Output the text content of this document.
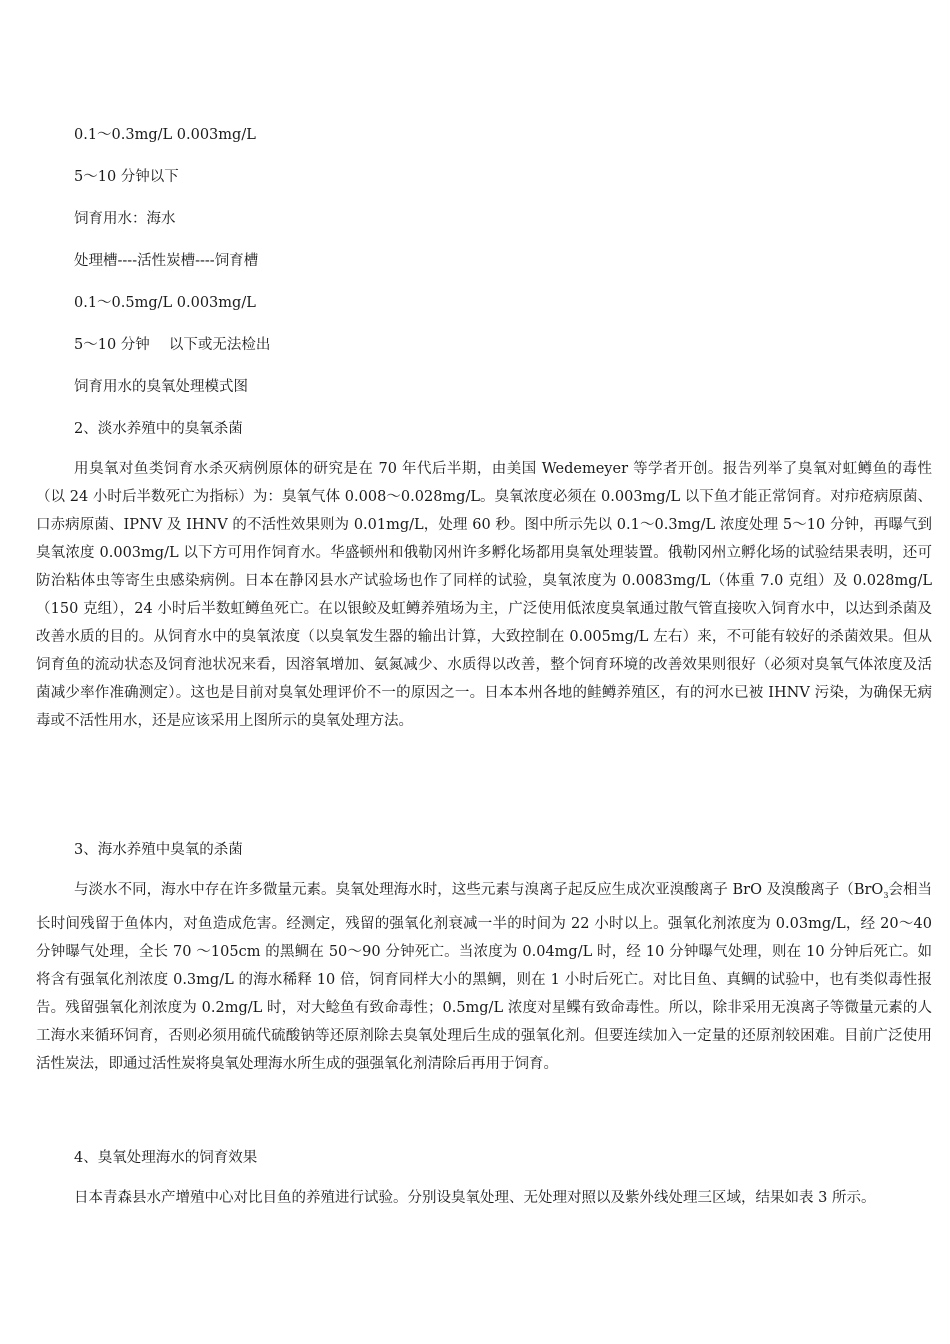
0.1～0.3mg/L 0.003mg/L
5～10 分钟以下
饲育用水：海水
处理槽----活性炭槽----饲育槽
0.1～0.5mg/L 0.003mg/L
5～10 分钟　 以下或无法检出
饲育用水的臭氧处理模式图
2、淡水养殖中的臭氧杀菌

用臭氧对鱼类饲育水杀灭病例原体的研究是在 70 年代后半期，由美国 Wedemeyer 等学者开创。报告列举了臭氧对虹鳟鱼的毒性（以 24 小时后半数死亡为指标）为：臭氧气体 0.008～0.028mg/L。臭氧浓度必须在 0.003mg/L 以下鱼才能正常饲育。对疖疮病原菌、口赤病原菌、IPNV 及 IHNV 的不活性效果则为 0.01mg/L，处理 60 秒。图中所示先以 0.1～0.3mg/L 浓度处理 5～10 分钟，再曝气到臭氧浓度 0.003mg/L 以下方可用作饲育水。华盛顿州和俄勒冈州许多孵化场都用臭氧处理装置。俄勒冈州立孵化场的试验结果表明，还可防治粘体虫等寄生虫感染病例。日本在静冈县水产试验场也作了同样的试验，臭氧浓度为 0.0083mg/L（体重 7.0 克组）及 0.028mg/L（150 克组），24 小时后半数虹鳟鱼死亡。在以银鲛及虹鳟养殖场为主，广泛使用低浓度臭氧通过散气管直接吹入饲育水中，以达到杀菌及改善水质的目的。从饲育水中的臭氧浓度（以臭氧发生器的输出计算，大致控制在 0.005mg/L 左右）来，不可能有较好的杀菌效果。但从饲育鱼的流动状态及饲育池状况来看，因溶氧增加、氨氮减少、水质得以改善，整个饲育环境的改善效果则很好（必须对臭氧气体浓度及活菌减少率作准确测定）。这也是目前对臭氧处理评价不一的原因之一。日本本州各地的鲑鳟养殖区，有的河水已被 IHNV 污染，为确保无病毒或不活性用水，还是应该采用上图所示的臭氧处理方法。

3、海水养殖中臭氧的杀菌

与淡水不同，海水中存在许多微量元素。臭氧处理海水时，这些元素与溴离子起反应生成次亚溴酸离子 BrO 及溴酸离子（BrO$_3$会相当长时间残留于鱼体内，对鱼造成危害。经测定，残留的强氧化剂衰减一半的时间为 22 小时以上。强氧化剂浓度为 0.03mg/L，经 20～40 分钟曝气处理，全长 70 ～105cm 的黑鲷在 50～90 分钟死亡。当浓度为 0.04mg/L 时，经 10 分钟曝气处理，则在 10 分钟后死亡。如将含有强氧化剂浓度 0.3mg/L 的海水稀释 10 倍，饲育同样大小的黑鲷，则在 1 小时后死亡。对比目鱼、真鲷的试验中，也有类似毒性报告。残留强氧化剂浓度为 0.2mg/L 时，对大鲶鱼有致命毒性；0.5mg/L 浓度对星鲽有致命毒性。所以，除非采用无溴离子等微量元素的人工海水来循环饲育，否则必须用硫代硫酸钠等还原剂除去臭氧处理后生成的强氧化剂。但要连续加入一定量的还原剂较困难。目前广泛使用活性炭法，即通过活性炭将臭氧处理海水所生成的强强氧化剂清除后再用于饲育。

4、臭氧处理海水的饲育效果

日本青森县水产增殖中心对比目鱼的养殖进行试验。分别设臭氧处理、无处理对照以及紫外线处理三区域，结果如表 3 所示。
